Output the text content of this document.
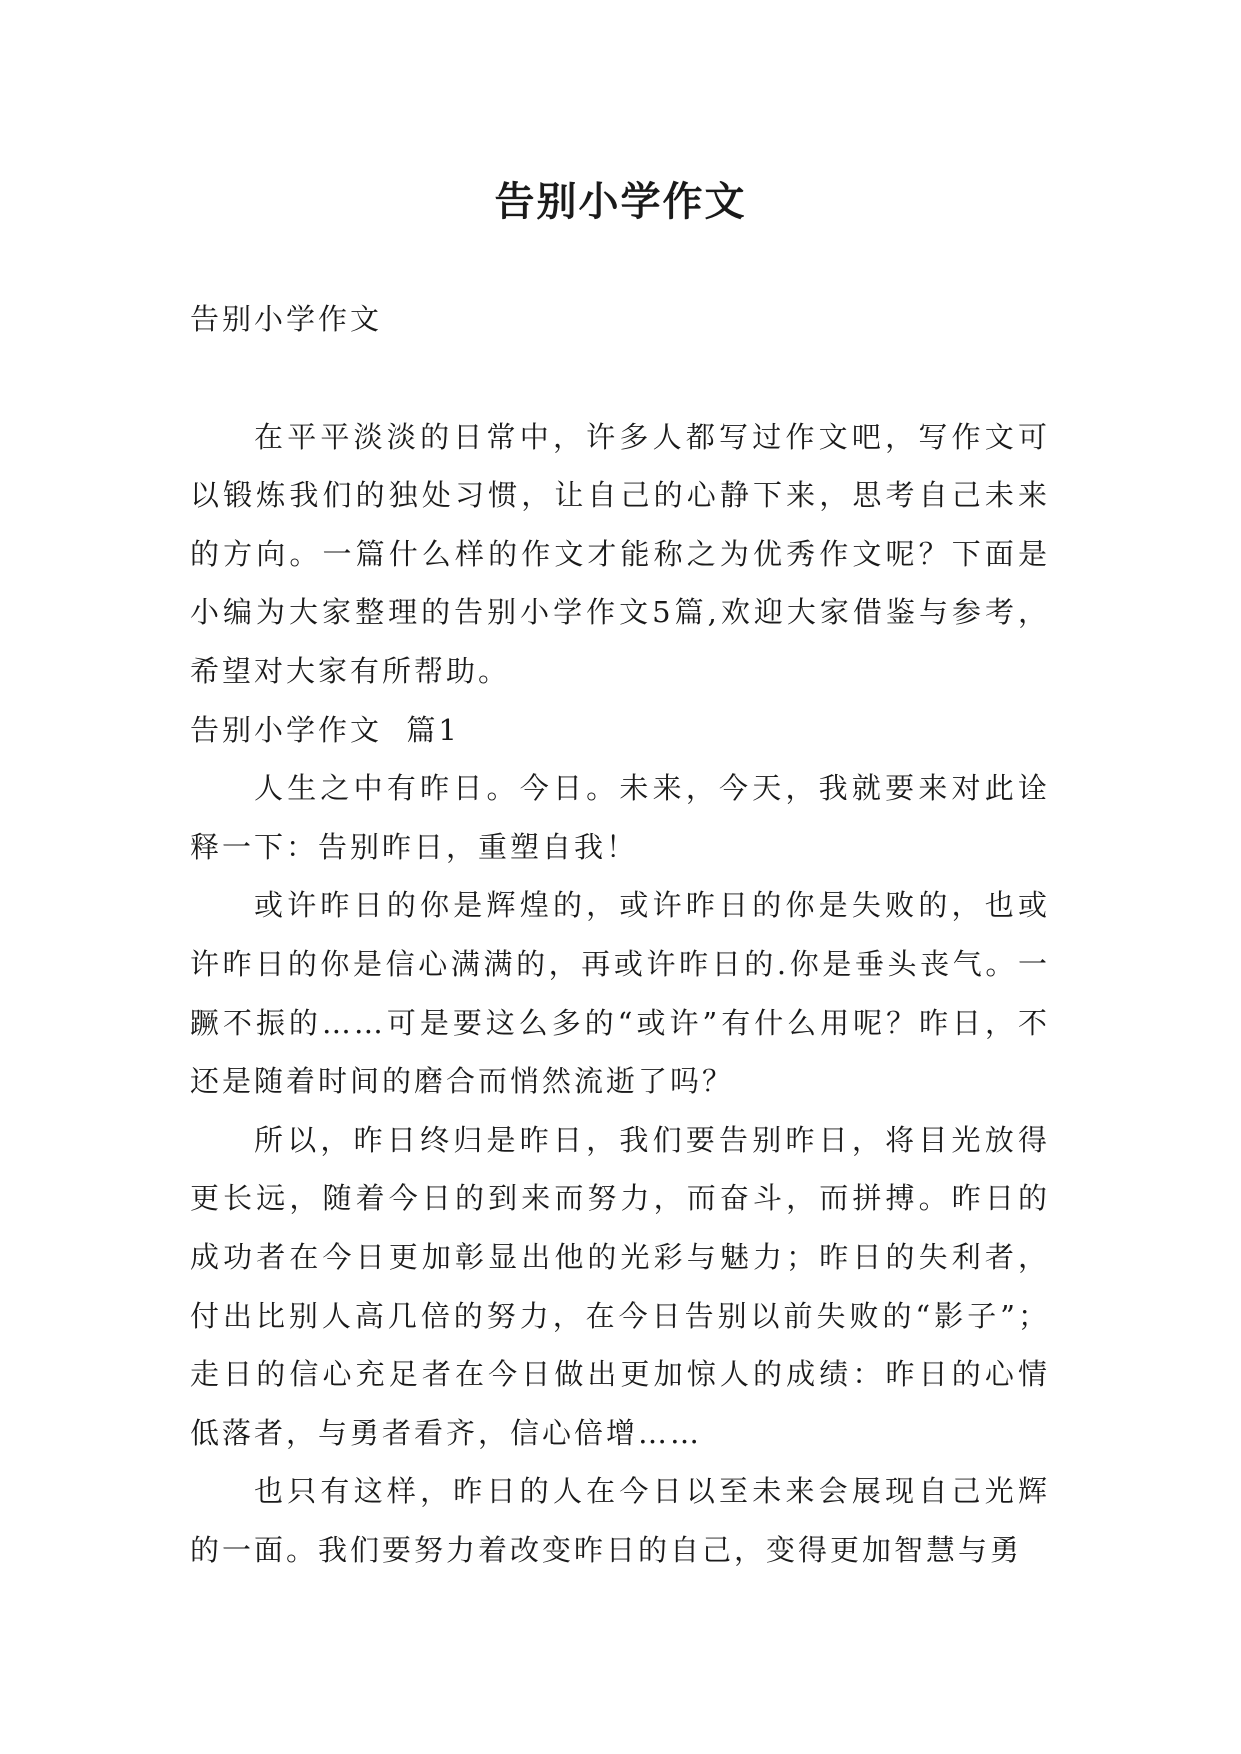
告别小学作文

告别小学作文

在平平淡淡的日常中，许多人都写过作文吧，写作文可以锻炼我们的独处习惯，让自己的心静下来，思考自己未来的方向。一篇什么样的作文才能称之为优秀作文呢？下面是小编为大家整理的告别小学作文5篇,欢迎大家借鉴与参考，希望对大家有所帮助。

告别小学作文  篇1

人生之中有昨日。今日。未来，今天，我就要来对此诠释一下：告别昨日，重塑自我！

或许昨日的你是辉煌的，或许昨日的你是失败的，也或许昨日的你是信心满满的，再或许昨日的.你是垂头丧气。一蹶不振的……可是要这么多的“或许”有什么用呢？昨日，不还是随着时间的磨合而悄然流逝了吗？

所以，昨日终归是昨日，我们要告别昨日，将目光放得更长远，随着今日的到来而努力，而奋斗，而拼搏。昨日的成功者在今日更加彰显出他的光彩与魅力；昨日的失利者，付出比别人高几倍的努力，在今日告别以前失败的“影子”；走日的信心充足者在今日做出更加惊人的成绩：昨日的心情低落者，与勇者看齐，信心倍增……

也只有这样，昨日的人在今日以至未来会展现自己光辉的一面。我们要努力着改变昨日的自己，变得更加智慧与勇
